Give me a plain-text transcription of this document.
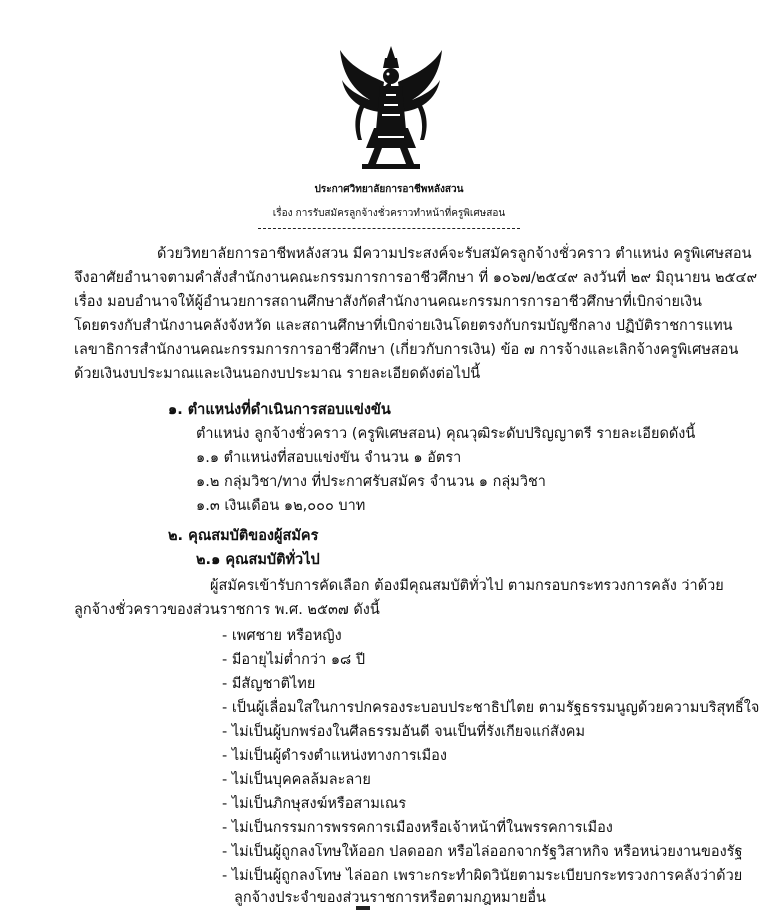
ประกาศวิทยาลัยการอาชีพหลังสวน
เรื่อง การรับสมัครลูกจ้างชั่วคราวทำหน้าที่ครูพิเศษสอน
ด้วยวิทยาลัยการอาชีพหลังสวน มีความประสงค์จะรับสมัครลูกจ้างชั่วคราว ตำแหน่ง ครูพิเศษสอน
จึงอาศัยอำนาจตามคำสั่งสำนักงานคณะกรรมการการอาชีวศึกษา ที่ ๑๐๖๗/๒๕๔๙ ลงวันที่ ๒๙ มิถุนายน ๒๕๔๙
เรื่อง มอบอำนาจให้ผู้อำนวยการสถานศึกษาสังกัดสำนักงานคณะกรรมการการอาชีวศึกษาที่เบิกจ่ายเงิน
โดยตรงกับสำนักงานคลังจังหวัด และสถานศึกษาที่เบิกจ่ายเงินโดยตรงกับกรมบัญชีกลาง ปฏิบัติราชการแทน
เลขาธิการสำนักงานคณะกรรมการการอาชีวศึกษา (เกี่ยวกับการเงิน) ข้อ ๗ การจ้างและเลิกจ้างครูพิเศษสอน
ด้วยเงินงบประมาณและเงินนอกงบประมาณ รายละเอียดดังต่อไปนี้
๑. ตำแหน่งที่ดำเนินการสอบแข่งขัน
ตำแหน่ง ลูกจ้างชั่วคราว (ครูพิเศษสอน) คุณวุฒิระดับปริญญาตรี รายละเอียดดังนี้
๑.๑ ตำแหน่งที่สอบแข่งขัน จำนวน ๑ อัตรา
๑.๒ กลุ่มวิชา/ทาง ที่ประกาศรับสมัคร จำนวน ๑ กลุ่มวิชา
๑.๓ เงินเดือน ๑๒,๐๐๐ บาท
๒. คุณสมบัติของผู้สมัคร
๒.๑ คุณสมบัติทั่วไป
ผู้สมัครเข้ารับการคัดเลือก ต้องมีคุณสมบัติทั่วไป ตามกรอบกระทรวงการคลัง ว่าด้วย
ลูกจ้างชั่วคราวของส่วนราชการ พ.ศ. ๒๕๓๗ ดังนี้
- เพศชาย หรือหญิง
- มีอายุไม่ต่ำกว่า ๑๘ ปี
- มีสัญชาติไทย
- เป็นผู้เลื่อมใสในการปกครองระบอบประชาธิปไตย ตามรัฐธรรมนูญด้วยความบริสุทธิ์ใจ
- ไม่เป็นผู้บกพร่องในศีลธรรมอันดี จนเป็นที่รังเกียจแก่สังคม
- ไม่เป็นผู้ดำรงตำแหน่งทางการเมือง
- ไม่เป็นบุคคลล้มละลาย
- ไม่เป็นภิกษุสงฆ์หรือสามเณร
- ไม่เป็นกรรมการพรรคการเมืองหรือเจ้าหน้าที่ในพรรคการเมือง
- ไม่เป็นผู้ถูกลงโทษให้ออก ปลดออก หรือไล่ออกจากรัฐวิสาหกิจ หรือหน่วยงานของรัฐ
- ไม่เป็นผู้ถูกลงโทษ ไล่ออก เพราะกระทำผิดวินัยตามระเบียบกระทรวงการคลังว่าด้วย
ลูกจ้างประจำของส่วนราชการหรือตามกฎหมายอื่น
